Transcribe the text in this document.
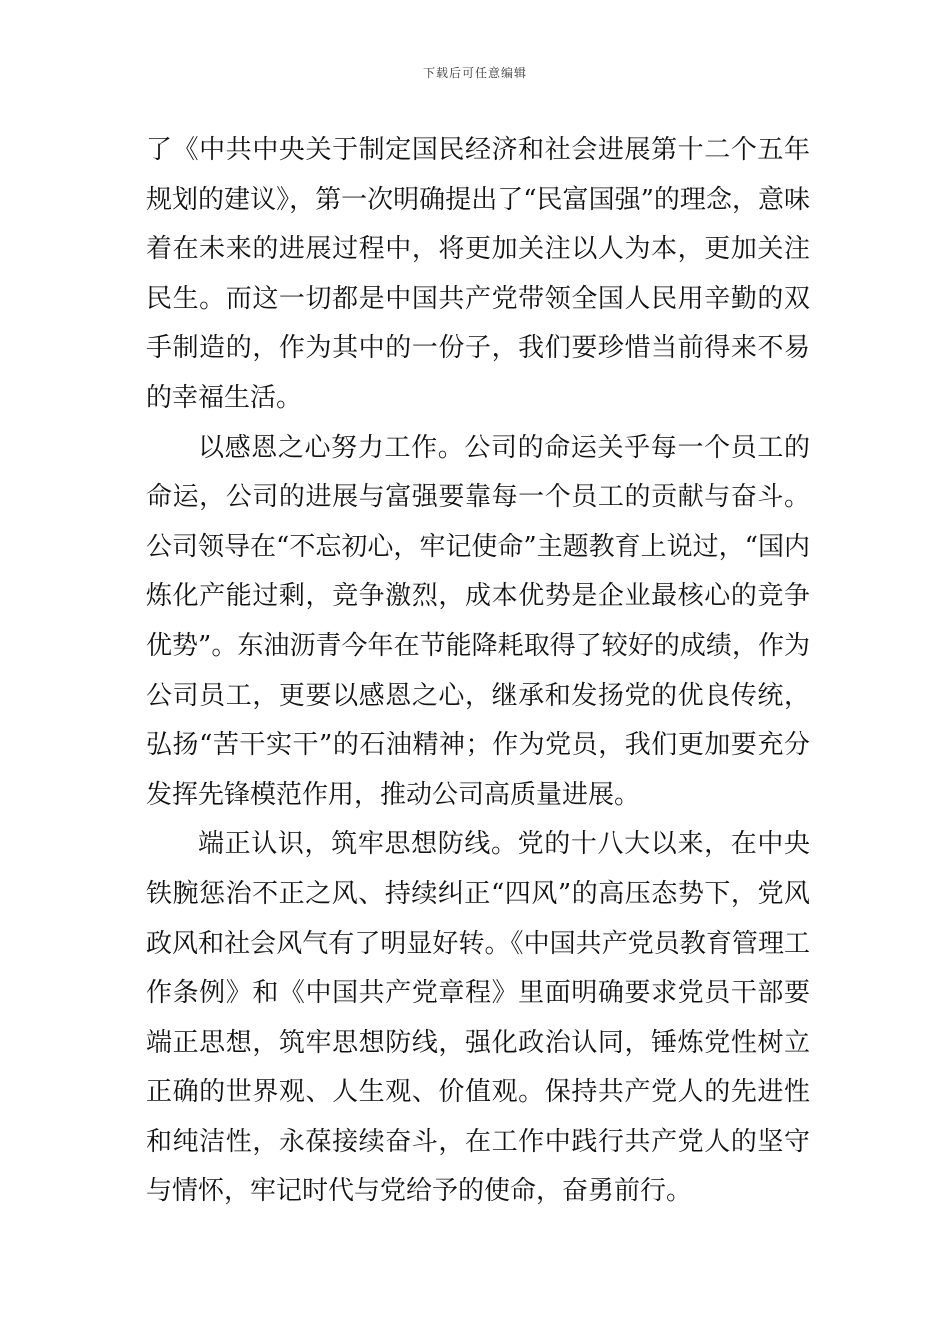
下载后可任意编辑

了《中共中央关于制定国民经济和社会进展第十二个五年规划的建议》，第一次明确提出了“民富国强”的理念，意味着在未来的进展过程中，将更加关注以人为本，更加关注民生。而这一切都是中国共产党带领全国人民用辛勤的双手制造的，作为其中的一份子，我们要珍惜当前得来不易的幸福生活。

以感恩之心努力工作。公司的命运关乎每一个员工的命运，公司的进展与富强要靠每一个员工的贡献与奋斗。公司领导在“不忘初心，牢记使命”主题教育上说过，“国内炼化产能过剩，竞争激烈，成本优势是企业最核心的竞争优势”。东油沥青今年在节能降耗取得了较好的成绩，作为公司员工，更要以感恩之心，继承和发扬党的优良传统，弘扬“苦干实干”的石油精神；作为党员，我们更加要充分发挥先锋模范作用，推动公司高质量进展。

端正认识，筑牢思想防线。党的十八大以来，在中央铁腕惩治不正之风、持续纠正“四风”的高压态势下，党风政风和社会风气有了明显好转。《中国共产党员教育管理工作条例》和《中国共产党章程》里面明确要求党员干部要端正思想，筑牢思想防线，强化政治认同，锤炼党性树立正确的世界观、人生观、价值观。保持共产党人的先进性和纯洁性，永葆接续奋斗，在工作中践行共产党人的坚守与情怀，牢记时代与党给予的使命，奋勇前行。
